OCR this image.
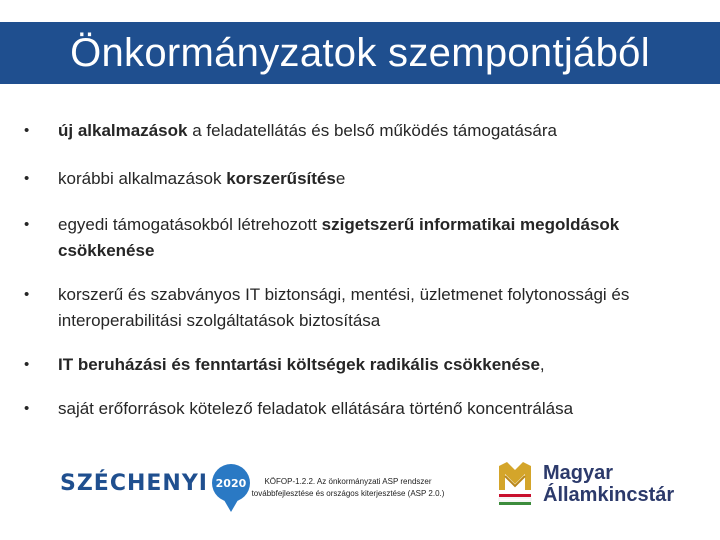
Önkormányzatok szempontjából
•	új alkalmazások a feladatellátás és belső működés támogatására
•	korábbi alkalmazások korszerűsítése
•	egyedi támogatásokból létrehozott szigetszerű informatikai megoldások csökkenése
•	korszerű és szabványos IT biztonsági, mentési, üzletmenet folytonossági és interoperabilitási szolgáltatások biztosítása
•	IT beruházási és fenntartási költségek radikális csökkenése,
•	saját erőforrások kötelező feladatok ellátására történő koncentrálása
SZÉCHENYI 2020	KÖFOP-1.2.2. Az önkormányzati ASP rendszer
továbbfejlesztése és országos kiterjesztése (ASP 2.0.)
Magyar
Államkincstár
